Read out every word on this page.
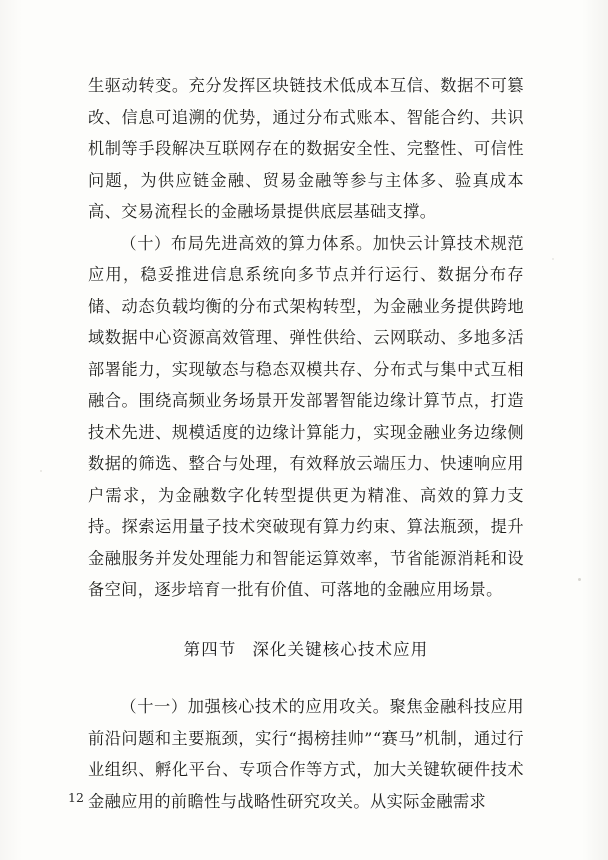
生驱动转变。充分发挥区块链技术低成本互信、数据不可篡改、信息可追溯的优势，通过分布式账本、智能合约、共识机制等手段解决互联网存在的数据安全性、完整性、可信性问题，为供应链金融、贸易金融等参与主体多、验真成本高、交易流程长的金融场景提供底层基础支撑。

（十）布局先进高效的算力体系。加快云计算技术规范应用，稳妥推进信息系统向多节点并行运行、数据分布存储、动态负载均衡的分布式架构转型，为金融业务提供跨地域数据中心资源高效管理、弹性供给、云网联动、多地多活部署能力，实现敏态与稳态双模共存、分布式与集中式互相融合。围绕高频业务场景开发部署智能边缘计算节点，打造技术先进、规模适度的边缘计算能力，实现金融业务边缘侧数据的筛选、整合与处理，有效释放云端压力、快速响应用户需求，为金融数字化转型提供更为精准、高效的算力支持。探索运用量子技术突破现有算力约束、算法瓶颈，提升金融服务并发处理能力和智能运算效率，节省能源消耗和设备空间，逐步培育一批有价值、可落地的金融应用场景。

第四节 深化关键核心技术应用

（十一）加强核心技术的应用攻关。聚焦金融科技应用前沿问题和主要瓶颈，实行“揭榜挂帅”“赛马”机制，通过行业组织、孵化平台、专项合作等方式，加大关键软硬件技术金融应用的前瞻性与战略性研究攻关。从实际金融需求

12
